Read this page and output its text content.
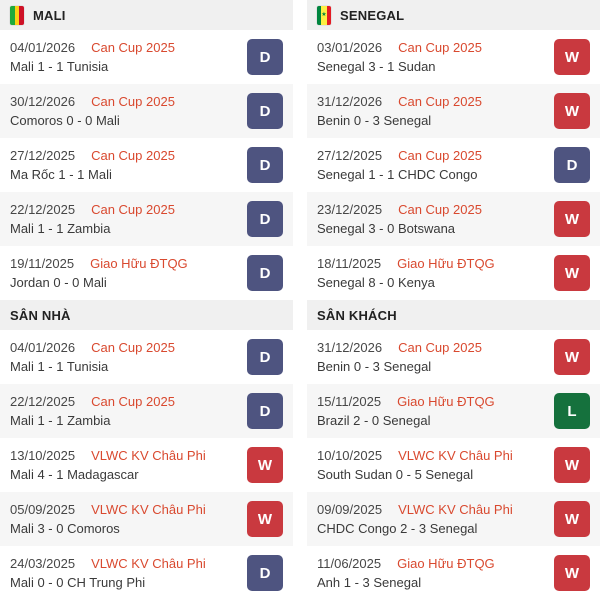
MALI
04/01/2026 Can Cup 2025
Mali 1 - 1 Tunisia
D
30/12/2026 Can Cup 2025
Comoros 0 - 0 Mali
D
27/12/2025 Can Cup 2025
Ma Rốc 1 - 1 Mali
D
22/12/2025 Can Cup 2025
Mali 1 - 1 Zambia
D
19/11/2025 Giao Hữu ĐTQG
Jordan 0 - 0 Mali
D
SÂN NHÀ
04/01/2026 Can Cup 2025
Mali 1 - 1 Tunisia
D
22/12/2025 Can Cup 2025
Mali 1 - 1 Zambia
D
13/10/2025 VLWC KV Châu Phi
Mali 4 - 1 Madagascar
W
05/09/2025 VLWC KV Châu Phi
Mali 3 - 0 Comoros
W
24/03/2025 VLWC KV Châu Phi
Mali 0 - 0 CH Trung Phi
D
★ SENEGAL
03/01/2026 Can Cup 2025
Senegal 3 - 1 Sudan
W
31/12/2026 Can Cup 2025
Benin 0 - 3 Senegal
W
27/12/2025 Can Cup 2025
Senegal 1 - 1 CHDC Congo
D
23/12/2025 Can Cup 2025
Senegal 3 - 0 Botswana
W
18/11/2025 Giao Hữu ĐTQG
Senegal 8 - 0 Kenya
W
SÂN KHÁCH
31/12/2026 Can Cup 2025
Benin 0 - 3 Senegal
W
15/11/2025 Giao Hữu ĐTQG
Brazil 2 - 0 Senegal
L
10/10/2025 VLWC KV Châu Phi
South Sudan 0 - 5 Senegal
W
09/09/2025 VLWC KV Châu Phi
CHDC Congo 2 - 3 Senegal
W
11/06/2025 Giao Hữu ĐTQG
Anh 1 - 3 Senegal
W
